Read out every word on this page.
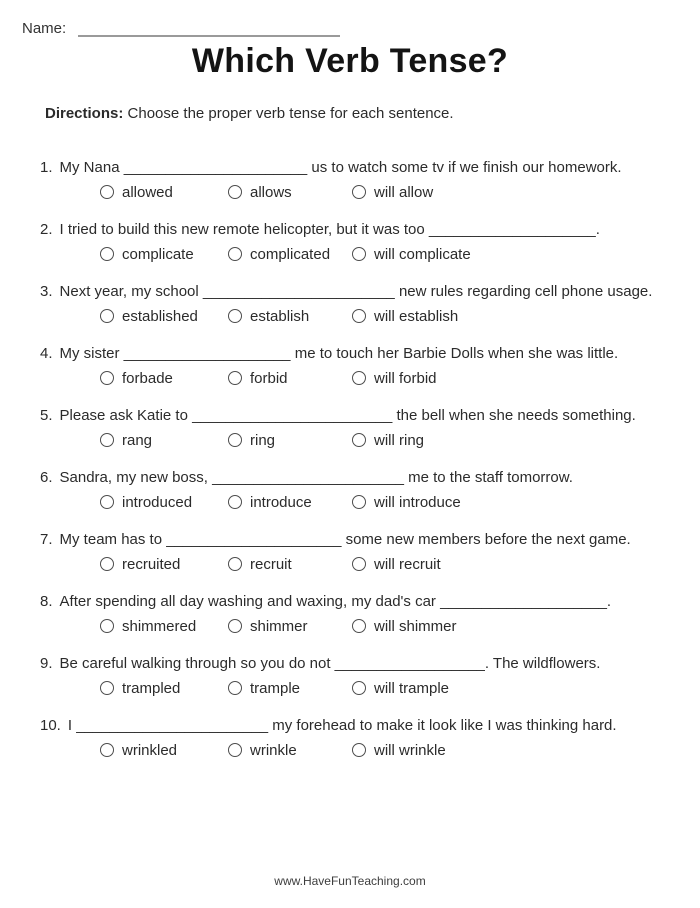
Name:
Which Verb Tense?
Directions: Choose the proper verb tense for each sentence.
1. My Nana ______________________ us to watch some tv if we finish our homework.
allowed	allows	will allow
2. I tried to build this new remote helicopter, but it was too ____________________.
complicate	complicated	will complicate
3. Next year, my school _______________________ new rules regarding cell phone usage.
established	establish	will establish
4. My sister ____________________ me to touch her Barbie Dolls when she was little.
forbade	forbid	will forbid
5. Please ask Katie to ________________________ the bell when she needs something.
rang	ring	will ring
6. Sandra, my new boss, _______________________ me to the staff tomorrow.
introduced	introduce	will introduce
7. My team has to _____________________ some new members before the next game.
recruited	recruit	will recruit
8. After spending all day washing and waxing, my dad's car ____________________.
shimmered	shimmer	will shimmer
9. Be careful walking through so you do not __________________. The wildflowers.
trampled	trample	will trample
10. I _______________________ my forehead to make it look like I was thinking hard.
wrinkled	wrinkle	will wrinkle
www.HaveFunTeaching.com
